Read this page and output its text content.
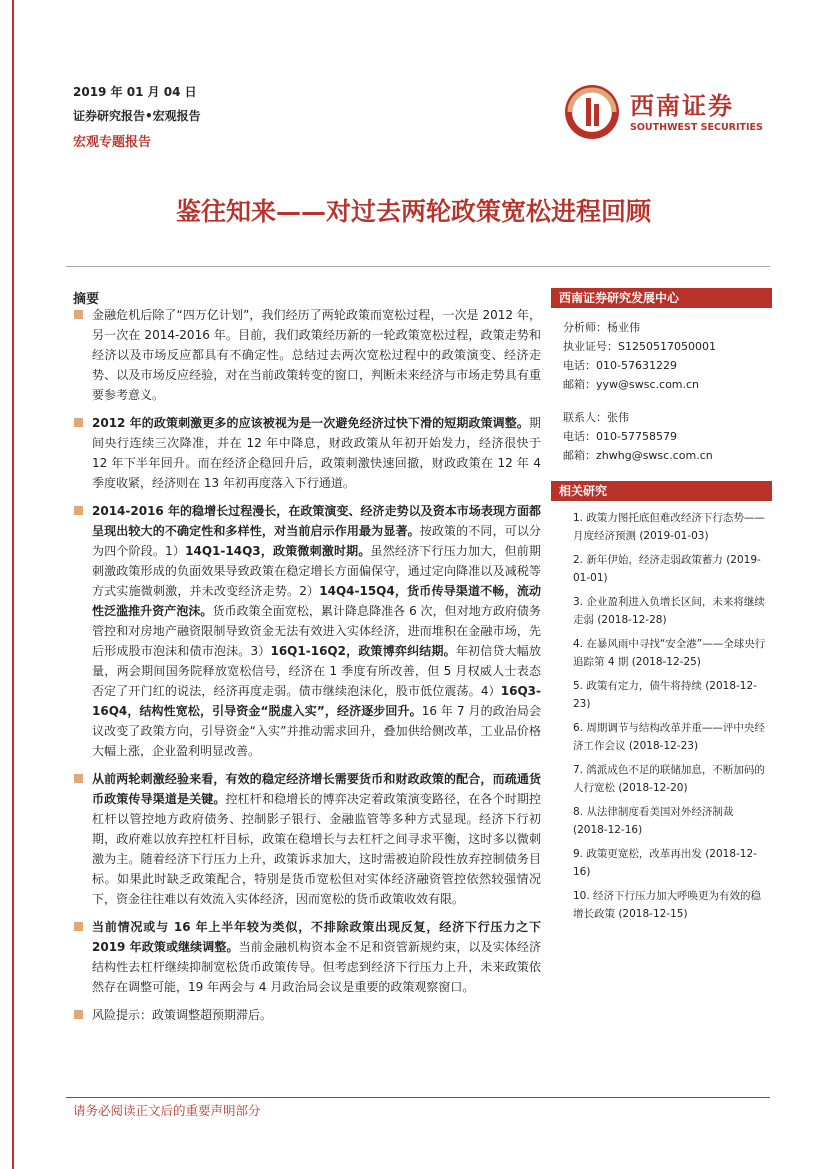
2019 年 01 月 04 日
证券研究报告•宏观报告
宏观专题报告
西南证券
SOUTHWEST SECURITIES
鉴往知来——对过去两轮政策宽松进程回顾
摘要
金融危机后除了“四万亿计划”，我们经历了两轮政策而宽松过程，一次是 2012 年，另一次在 2014-2016 年。目前，我们政策经历新的一轮政策宽松过程，政策走势和经济以及市场反应都具有不确定性。总结过去两次宽松过程中的政策演变、经济走势、以及市场反应经验，对在当前政策转变的窗口，判断未来经济与市场走势具有重要参考意义。
2012 年的政策刺激更多的应该被视为是一次避免经济过快下滑的短期政策调整。期间央行连续三次降准，并在 12 年中降息，财政政策从年初开始发力，经济很快于 12 年下半年回升。而在经济企稳回升后，政策刺激快速回撤，财政政策在 12 年 4 季度收紧，经济则在 13 年初再度落入下行通道。
2014-2016 年的稳增长过程漫长，在政策演变、经济走势以及资本市场表现方面都呈现出较大的不确定性和多样性，对当前启示作用最为显著。按政策的不同，可以分为四个阶段。1）14Q1-14Q3，政策微刺激时期。虽然经济下行压力加大，但前期刺激政策形成的负面效果导致政策在稳定增长方面偏保守，通过定向降准以及减税等方式实施微刺激，并未改变经济走势。2）14Q4-15Q4，货币传导渠道不畅，流动性泛滥推升资产泡沫。货币政策全面宽松，累计降息降准各 6 次，但对地方政府债务管控和对房地产融资限制导致资金无法有效进入实体经济，进而堆积在金融市场，先后形成股市泡沫和债市泡沫。3）16Q1-16Q2，政策博弈纠结期。年初信贷大幅放量，两会期间国务院释放宽松信号，经济在 1 季度有所改善，但 5 月权威人士表态否定了开门红的说法，经济再度走弱。债市继续泡沫化，股市低位震荡。4）16Q3-16Q4，结构性宽松，引导资金“脱虚入实”，经济逐步回升。16 年 7 月的政治局会议改变了政策方向，引导资金“入实”并推动需求回升，叠加供给侧改革，工业品价格大幅上涨，企业盈利明显改善。
从前两轮刺激经验来看，有效的稳定经济增长需要货币和财政政策的配合，而疏通货币政策传导渠道是关键。控杠杆和稳增长的博弈决定着政策演变路径，在各个时期控杠杆以管控地方政府债务、控制影子银行、金融监管等多种方式显现。经济下行初期，政府难以放弃控杠杆目标，政策在稳增长与去杠杆之间寻求平衡，这时多以微刺激为主。随着经济下行压力上升，政策诉求加大，这时需被迫阶段性放弃控制债务目标。如果此时缺乏政策配合，特别是货币宽松但对实体经济融资管控依然较强情况下，资金往往难以有效流入实体经济，因而宽松的货币政策收效有限。
当前情况或与 16 年上半年较为类似，不排除政策出现反复，经济下行压力之下 2019 年政策或继续调整。当前金融机构资本金不足和资管新规约束，以及实体经济结构性去杠杆继续抑制宽松货币政策传导。但考虑到经济下行压力上升，未来政策依然存在调整可能，19 年两会与 4 月政治局会议是重要的政策观察窗口。
风险提示：政策调整超预期滞后。
西南证券研究发展中心
分析师：杨业伟
执业证号：S1250517050001
电话：010-57631229
邮箱：yyw@swsc.com.cn
联系人：张伟
电话：010-57758579
邮箱：zhwhg@swsc.com.cn
相关研究
1. 政策力图托底但难改经济下行态势——月度经济预测 (2019-01-03)
2. 新年伊始，经济走弱政策蓄力 (2019-01-01)
3. 企业盈利进入负增长区间，未来将继续走弱 (2018-12-28)
4. 在暴风雨中寻找“安全港”——全球央行追踪第 4 期 (2018-12-25)
5. 政策有定力，债牛将持续 (2018-12-23)
6. 周期调节与结构改革并重——评中央经济工作会议 (2018-12-23)
7. 鸽派成色不足的联储加息，不断加码的人行宽松 (2018-12-20)
8. 从法律制度看美国对外经济制裁 (2018-12-16)
9. 政策更宽松，改革再出发 (2018-12-16)
10. 经济下行压力加大呼唤更为有效的稳增长政策 (2018-12-15)
请务必阅读正文后的重要声明部分
